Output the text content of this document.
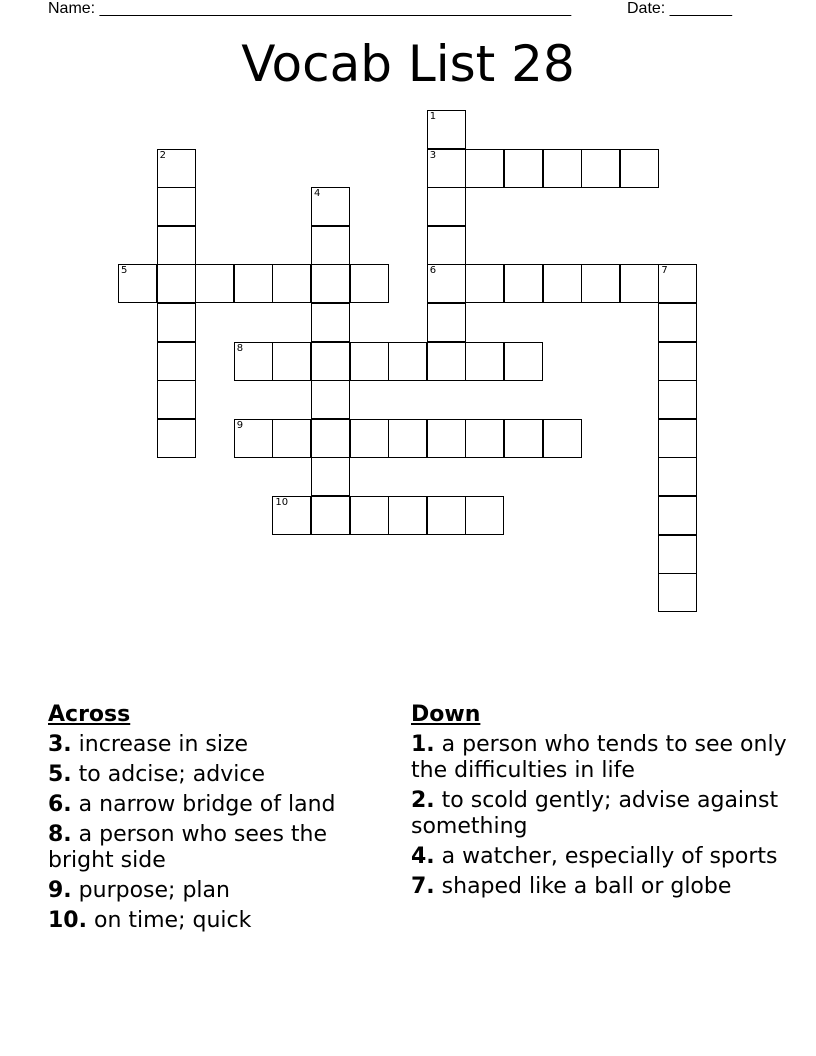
Name: _____________________________________________________	Date: _______
Vocab List 28
1
3
6
2
4
5	7
8
9
10
Across
3. increase in size
5. to adcise; advice
6. a narrow bridge of land
8. a person who sees the bright side
9. purpose; plan
10. on time; quick
Down
1. a person who tends to see only the difficulties in life
2. to scold gently; advise against something
4. a watcher, especially of sports
7. shaped like a ball or globe
